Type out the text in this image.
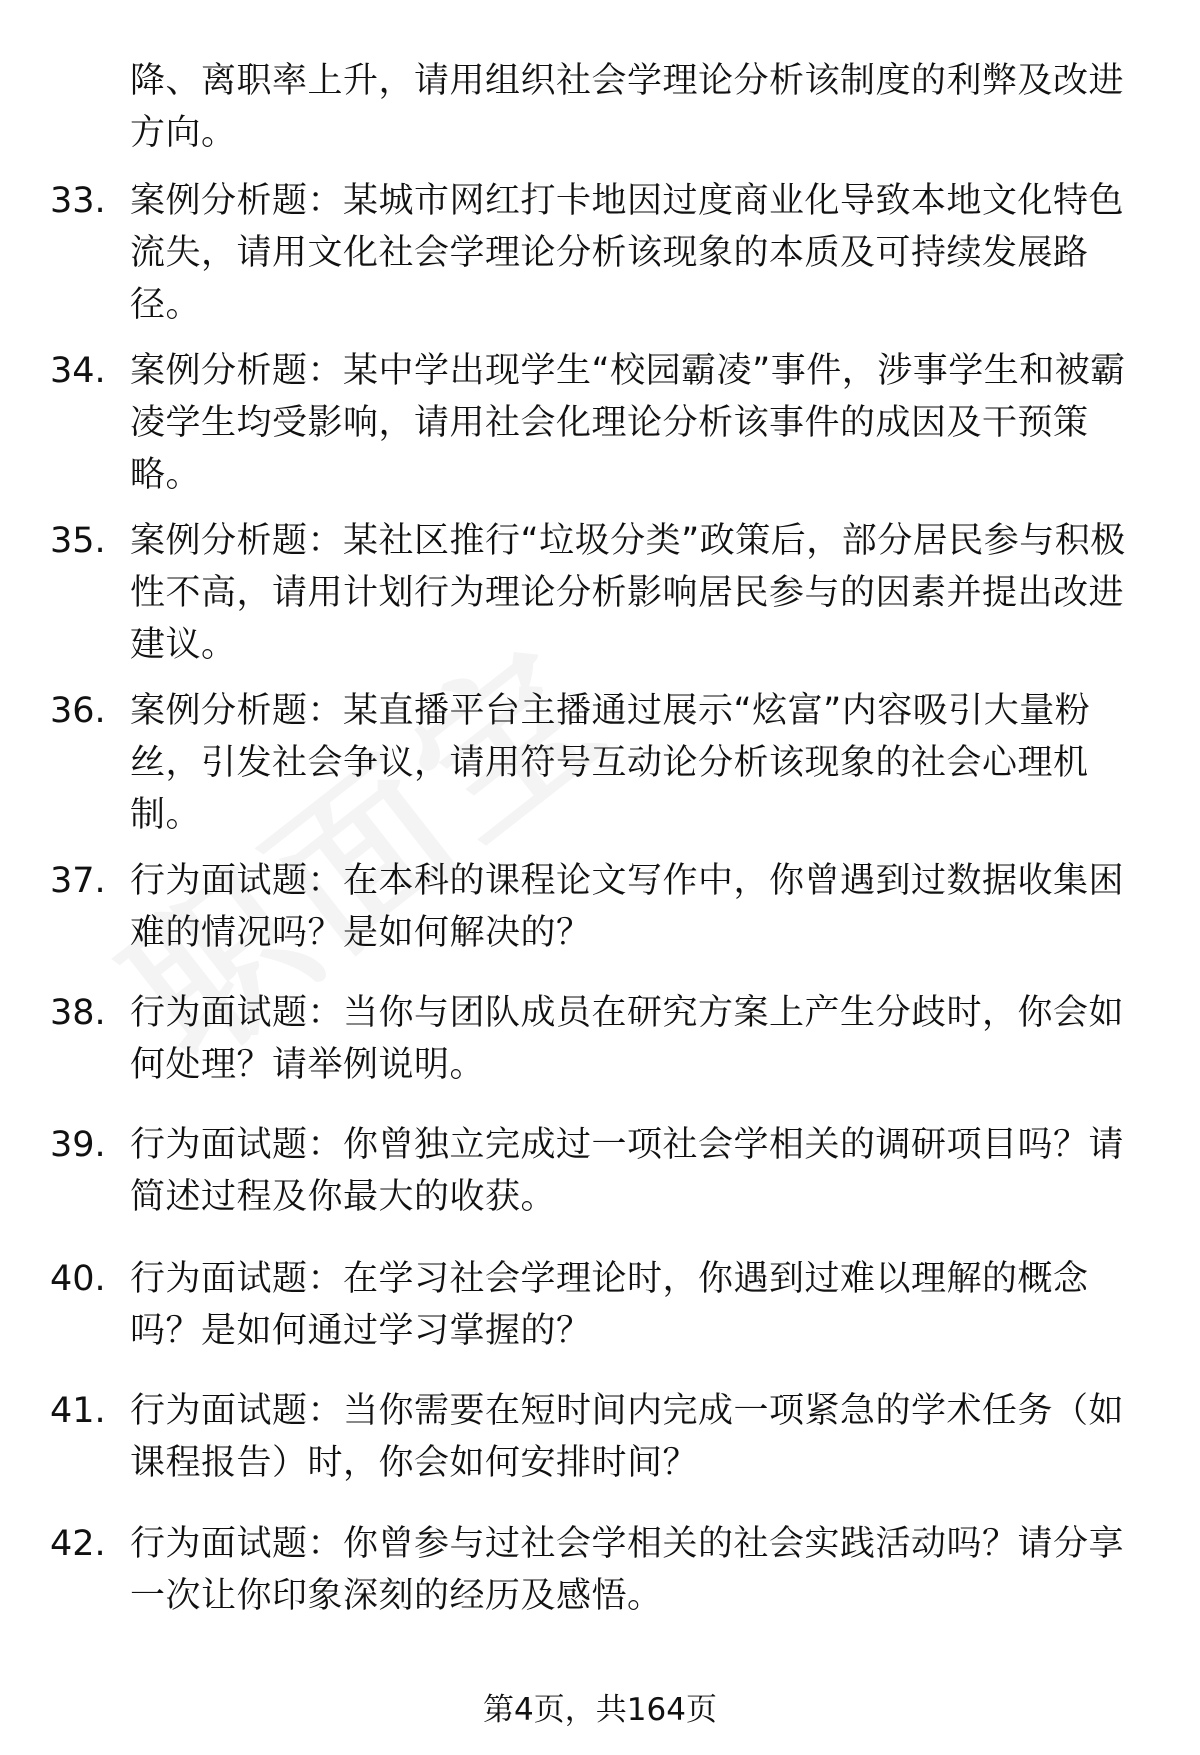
降、离职率上升，请用组织社会学理论分析该制度的利弊及改进方向。
33. 案例分析题：某城市网红打卡地因过度商业化导致本地文化特色流失，请用文化社会学理论分析该现象的本质及可持续发展路径。
34. 案例分析题：某中学出现学生“校园霸凌”事件，涉事学生和被霸凌学生均受影响，请用社会化理论分析该事件的成因及干预策略。
35. 案例分析题：某社区推行“垃圾分类”政策后，部分居民参与积极性不高，请用计划行为理论分析影响居民参与的因素并提出改进建议。
36. 案例分析题：某直播平台主播通过展示“炫富”内容吸引大量粉丝，引发社会争议，请用符号互动论分析该现象的社会心理机制。
37. 行为面试题：在本科的课程论文写作中，你曾遇到过数据收集困难的情况吗？是如何解决的？
38. 行为面试题：当你与团队成员在研究方案上产生分歧时，你会如何处理？请举例说明。
39. 行为面试题：你曾独立完成过一项社会学相关的调研项目吗？请简述过程及你最大的收获。
40. 行为面试题：在学习社会学理论时，你遇到过难以理解的概念吗？是如何通过学习掌握的？
41. 行为面试题：当你需要在短时间内完成一项紧急的学术任务（如课程报告）时，你会如何安排时间？
42. 行为面试题：你曾参与过社会学相关的社会实践活动吗？请分享一次让你印象深刻的经历及感悟。
第4页，共164页
